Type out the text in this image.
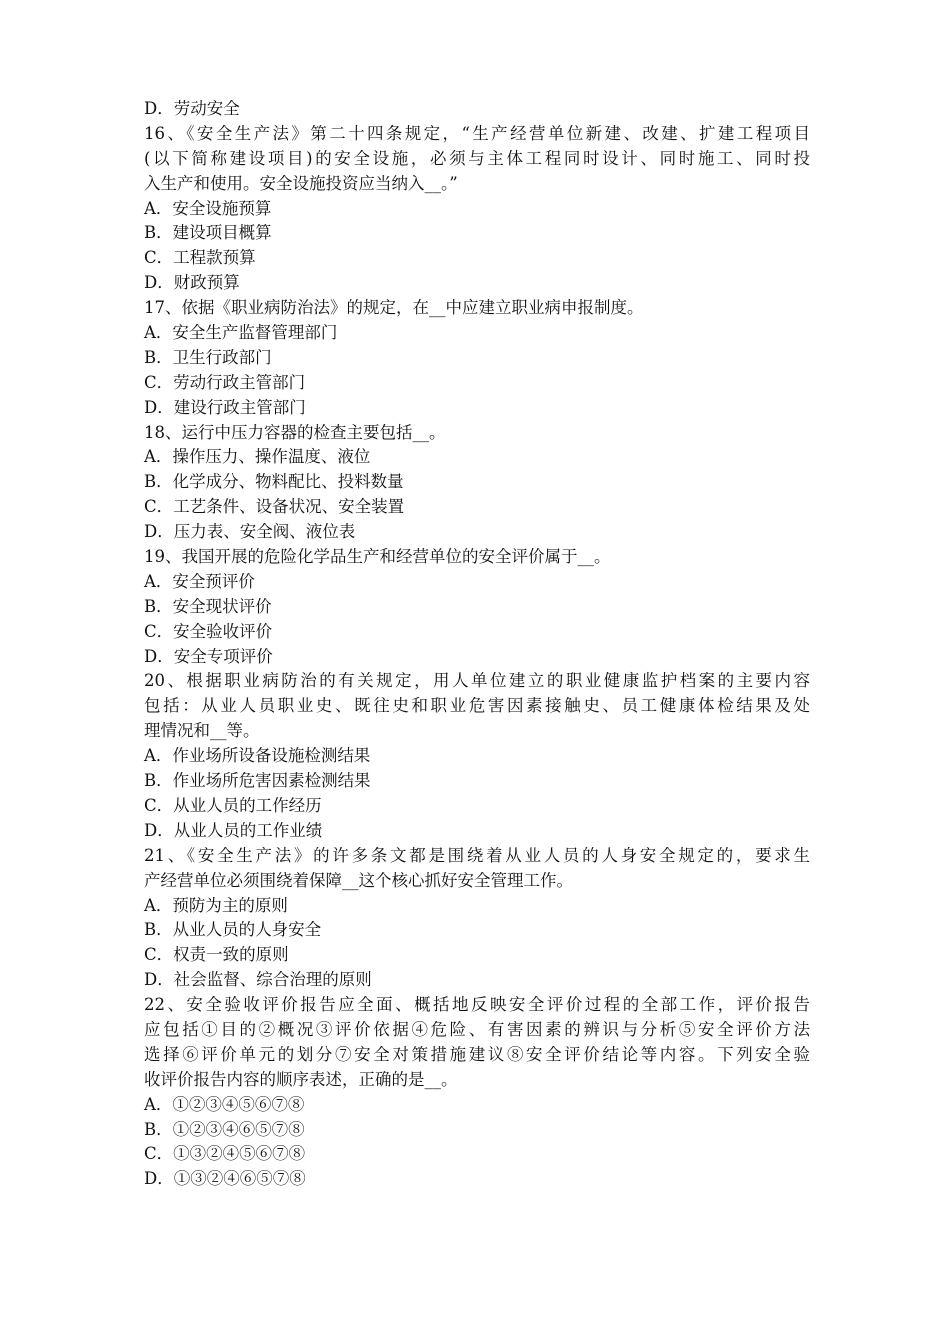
D．劳动安全
16、《安全生产法》第二十四条规定，“生产经营单位新建、改建、扩建工程项目
(以下简称建设项目)的安全设施，必须与主体工程同时设计、同时施工、同时投
入生产和使用。安全设施投资应当纳入__。”
A．安全设施预算
B．建设项目概算
C．工程款预算
D．财政预算
17、依据《职业病防治法》的规定，在__中应建立职业病申报制度。
A．安全生产监督管理部门
B．卫生行政部门
C．劳动行政主管部门
D．建设行政主管部门
18、运行中压力容器的检查主要包括__。
A．操作压力、操作温度、液位
B．化学成分、物料配比、投料数量
C．工艺条件、设备状况、安全装置
D．压力表、安全阀、液位表
19、我国开展的危险化学品生产和经营单位的安全评价属于__。
A．安全预评价
B．安全现状评价
C．安全验收评价
D．安全专项评价
20、根据职业病防治的有关规定，用人单位建立的职业健康监护档案的主要内容
包括：从业人员职业史、既往史和职业危害因素接触史、员工健康体检结果及处
理情况和__等。
A．作业场所设备设施检测结果
B．作业场所危害因素检测结果
C．从业人员的工作经历
D．从业人员的工作业绩
21、《安全生产法》的许多条文都是围绕着从业人员的人身安全规定的，要求生
产经营单位必须围绕着保障__这个核心抓好安全管理工作。
A．预防为主的原则
B．从业人员的人身安全
C．权责一致的原则
D．社会监督、综合治理的原则
22、安全验收评价报告应全面、概括地反映安全评价过程的全部工作，评价报告
应包括①目的②概况③评价依据④危险、有害因素的辨识与分析⑤安全评价方法
选择⑥评价单元的划分⑦安全对策措施建议⑧安全评价结论等内容。下列安全验
收评价报告内容的顺序表述，正确的是__。
A．①②③④⑤⑥⑦⑧
B．①②③④⑥⑤⑦⑧
C．①③②④⑤⑥⑦⑧
D．①③②④⑥⑤⑦⑧
